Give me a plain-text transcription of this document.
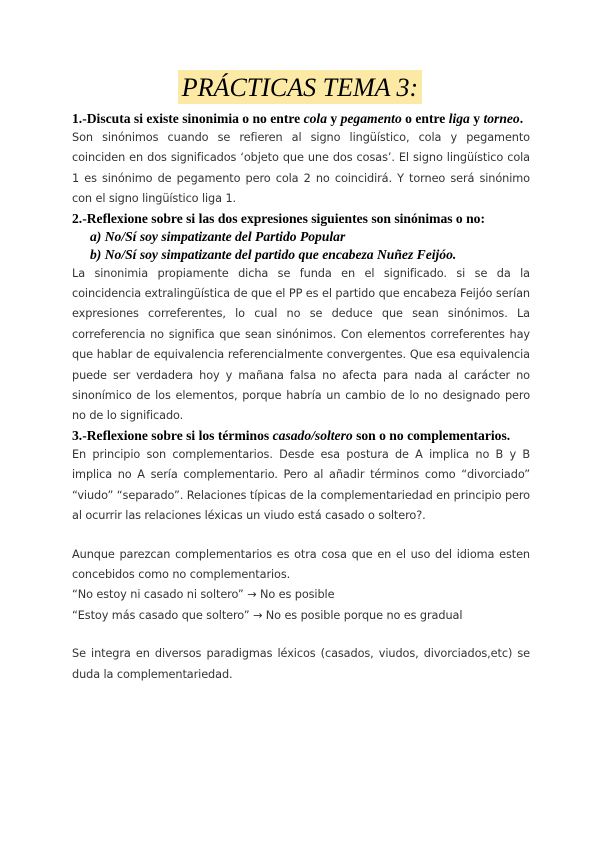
PRÁCTICAS TEMA 3:
1.-Discuta si existe sinonimia o no entre cola y pegamento o entre liga y torneo.
Son sinónimos cuando se refieren al signo lingüístico, cola y pegamento coinciden en dos significados ‘objeto que une dos cosas’. El signo lingüístico cola 1 es sinónimo de pegamento pero cola 2 no coincidirá. Y torneo será sinónimo con el signo lingüístico liga 1.
2.-Reflexione sobre si las dos expresiones siguientes son sinónimas o no:
a) No/Sí soy simpatizante del Partido Popular
b) No/Sí soy simpatizante del partido que encabeza Nuñez Feijóo.
La sinonimia propiamente dicha se funda en el significado. si se da la coincidencia extralingüística de que el PP es el partido que encabeza Feijóo serían expresiones correferentes, lo cual no se deduce que sean sinónimos. La correferencia no significa que sean sinónimos. Con elementos correferentes hay que hablar de equivalencia referencialmente convergentes. Que esa equivalencia puede ser verdadera hoy y mañana falsa no afecta para nada al carácter no sinonímico de los elementos, porque habría un cambio de lo no designado pero no de lo significado.
3.-Reflexione sobre si los términos casado/soltero son o no complementarios.
En principio son complementarios. Desde esa postura de A implica no B y B implica no A sería complementario. Pero al añadir términos como “divorciado” “viudo” “separado”. Relaciones típicas de la complementariedad en principio pero al ocurrir las relaciones léxicas un viudo está casado o soltero?.
Aunque parezcan complementarios es otra cosa que en el uso del idioma esten concebidos como no complementarios.
“No estoy ni casado ni soltero” → No es posible
“Estoy más casado que soltero” → No es posible porque no es gradual
Se integra en diversos paradigmas léxicos (casados, viudos, divorciados,etc) se duda la complementariedad.
